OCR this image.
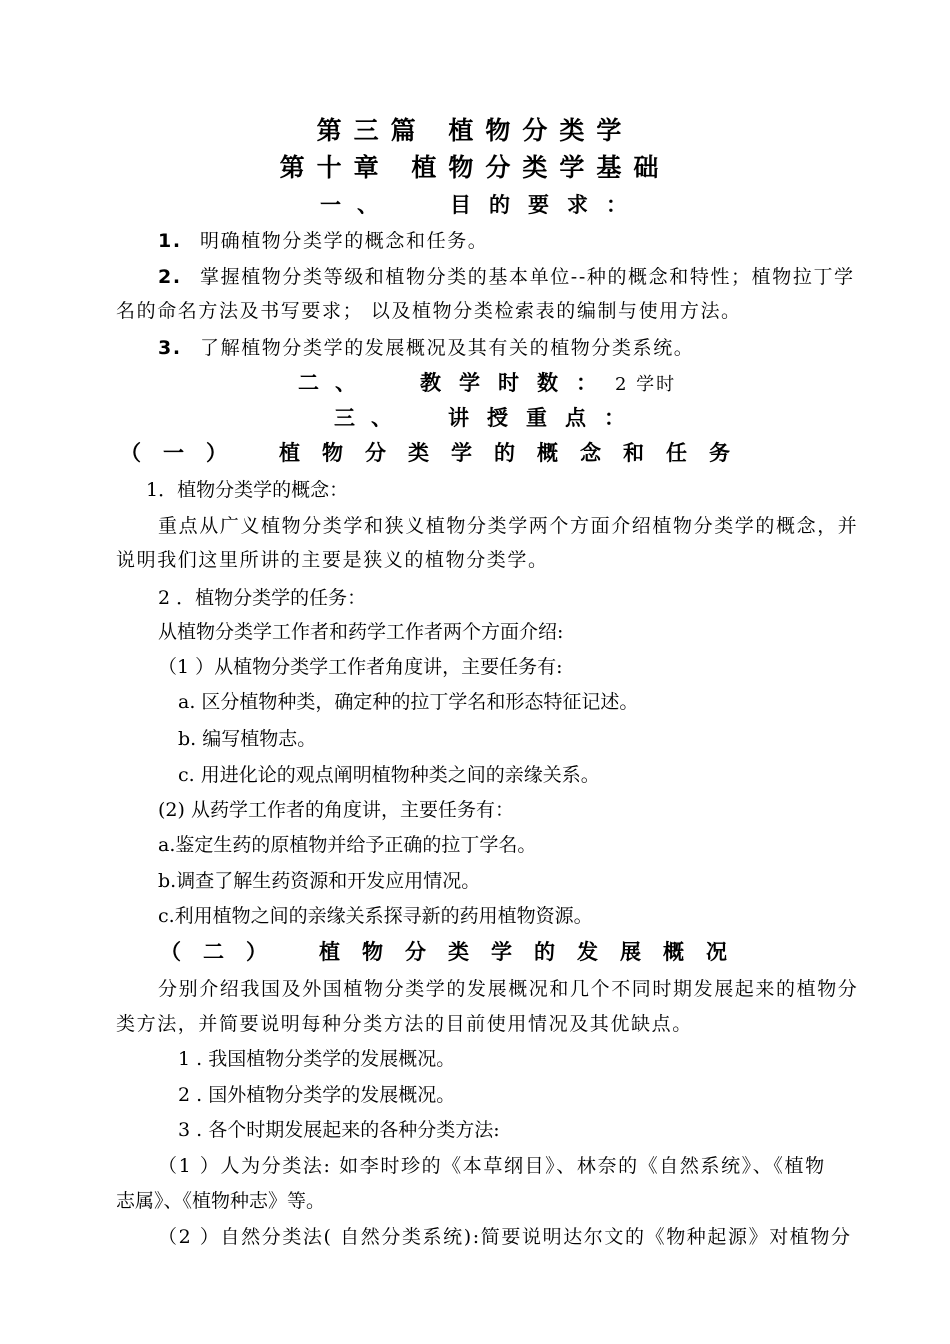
第三篇 植物分类学
第十章 植物分类学基础
一、	目的要求：
1. 明确植物分类学的概念和任务。
2. 掌握植物分类等级和植物分类的基本单位--种的概念和特性；植物拉丁学
名的命名方法及书写要求； 以及植物分类检索表的编制与使用方法。
3. 了解植物分类学的发展概况及其有关的植物分类系统。
二、 教学时数：2 学时
三、 讲授重点：
（一） 植物分类学的概念和任务
1．植物分类学的概念：
重点从广义植物分类学和狭义植物分类学两个方面介绍植物分类学的概念，并
说明我们这里所讲的主要是狭义的植物分类学。
2 ．植物分类学的任务：
从植物分类学工作者和药学工作者两个方面介绍:
（1 ）从植物分类学工作者角度讲，主要任务有:
a. 区分植物种类，确定种的拉丁学名和形态特征记述。
b. 编写植物志。
c. 用进化论的观点阐明植物种类之间的亲缘关系。
(2) 从药学工作者的角度讲，主要任务有：
a.鉴定生药的原植物并给予正确的拉丁学名。
b.调查了解生药资源和开发应用情况。
c.利用植物之间的亲缘关系探寻新的药用植物资源。
（二） 植物分类学的发展概况
分别介绍我国及外国植物分类学的发展概况和几个不同时期发展起来的植物分
类方法，并简要说明每种分类方法的目前使用情况及其优缺点。
1 . 我国植物分类学的发展概况。
2 . 国外植物分类学的发展概况。
3 . 各个时期发展起来的各种分类方法:
（1 ）人为分类法: 如李时珍的《本草纲目》、林奈的《自然系统》、《植物
志属》、《植物种志》等。
（2 ）自然分类法( 自然分类系统):简要说明达尔文的《物种起源》对植物分
